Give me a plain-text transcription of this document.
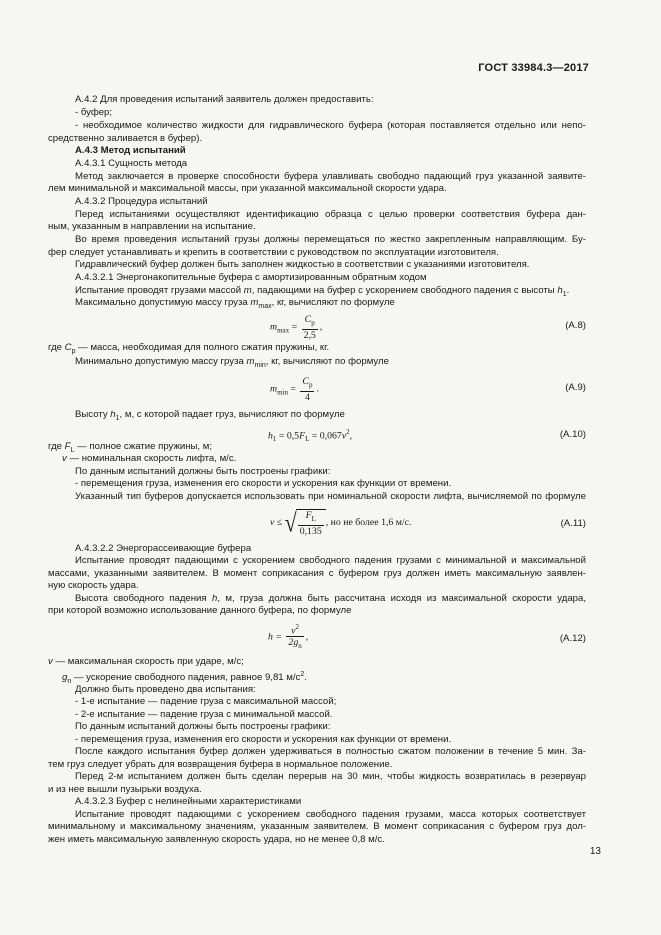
ГОСТ 33984.3—2017
А.4.2 Для проведения испытаний заявитель должен предоставить:
- буфер;
- необходимое количество жидкости для гидравлического буфера (которая поставляется отдельно или непо-
средственно заливается в буфер).
А.4.3 Метод испытаний
А.4.3.1 Сущность метода
Метод заключается в проверке способности буфера улавливать свободно падающий груз указанной заявите-
лем минимальной и максимальной массы, при указанной максимальной скорости удара.
А.4.3.2 Процедура испытаний
Перед испытаниями осуществляют идентификацию образца с целью проверки соответствия буфера дан-
ным, указанным в направлении на испытание.
Во время проведения испытаний грузы должны перемещаться по жестко закрепленным направляющим. Бу-
фер следует устанавливать и крепить в соответствии с руководством по эксплуатации изготовителя.
Гидравлический буфер должен быть заполнен жидкостью в соответствии с указаниями изготовителя.
А.4.3.2.1 Энергонакопительные буфера с амортизированным обратным ходом
Испытание проводят грузами массой m, падающими на буфер с ускорением свободного падения с высоты $h_1$.
Максимально допустимую массу груза $m_{max}$, кг, вычисляют по формуле
$m_{max} = \frac{C_p}{2,5}$ ,	(А.8)
где $C_p$ — масса, необходимая для полного сжатия пружины, кг.
Минимально допустимую массу груза $m_{min}$, кг, вычисляют по формуле
$m_{min} = \frac{C_p}{4}$ .	(А.9)
Высоту $h_1$, м, с которой падает груз, вычисляют по формуле
$h_1 = 0,5F_L = 0,067v^2$,	(А.10)
где $F_L$ — полное сжатие пружины, м;
v — номинальная скорость лифта, м/с.
По данным испытаний должны быть построены графики:
- перемещения груза, изменения его скорости и ускорения как функции от времени.
Указанный тип буферов допускается использовать при номинальной скорости лифта, вычисляемой по формуле
v ≤ √ $\frac{F_L}{0,135}$ , но не более 1,6 м/с.	(А.11)
А.4.3.2.2 Энергорассеивающие буфера
Испытание проводят падающими с ускорением свободного падения грузами с минимальной и максимальной
массами, указанными заявителем. В момент соприкасания с буфером груз должен иметь максимальную заявлен-
ную скорость удара.
Высота свободного падения h, м, груза должна быть рассчитана исходя из максимальной скорости удара,
при которой возможно использование данного буфера, по формуле
$h = \frac{v^2}{2g_n}$ ,	(А.12)
v — максимальная скорость при ударе, м/с;
$g_n$ — ускорение свободного падения, равное 9,81 $м/с^2$.
Должно быть проведено два испытания:
- 1-е испытание — падение груза с максимальной массой;
- 2-е испытание — падение груза с минимальной массой.
По данным испытаний должны быть построены графики:
- перемещения груза, изменения его скорости и ускорения как функции от времени.
После каждого испытания буфер должен удерживаться в полностью сжатом положении в течение 5 мин. За-
тем груз следует убрать для возвращения буфера в нормальное положение.
Перед 2-м испытанием должен быть сделан перерыв на 30 мин, чтобы жидкость возвратилась в резервуар
и из нее вышли пузырьки воздуха.
А.4.3.2.3 Буфер с нелинейными характеристиками
Испытание проводят падающими с ускорением свободного падения грузами, масса которых соответствует
минимальному и максимальному значениям, указанным заявителем. В момент соприкасания с буфером груз дол-
жен иметь максимальную заявленную скорость удара, но не менее 0,8 м/с.
13
